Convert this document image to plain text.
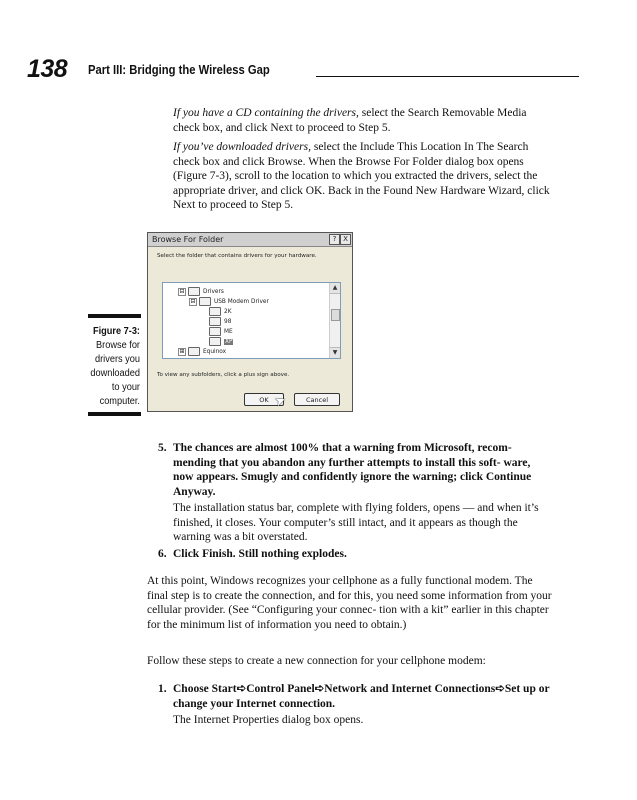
138 Part III: Bridging the Wireless Gap

If you have a CD containing the drivers, select the Search Removable Media check box, and click Next to proceed to Step 5.

If you’ve downloaded drivers, select the Include This Location In The Search check box and click Browse. When the Browse For Folder dialog box opens (Figure 7-3), scroll to the location to which you extracted the drivers, select the appropriate driver, and click OK. Back in the Found New Hardware Wizard, click Next to proceed to Step 5.

Figure 7-3:
Browse for
drivers you
downloaded
to your
computer.
Browse For Folder	? X
Select the folder that contains drivers for your hardware.
⊟	Drivers
⊟	USB Modem Driver
2K
98
ME
XP
⊞	Equinox
▲
▼
To view any subfolders, click a plus sign above.
OK	Cancel
➤
5. The chances are almost 100% that a warning from Microsoft, recom- mending that you abandon any further attempts to install this soft- ware, now appears. Smugly and confidently ignore the warning; click Continue Anyway.

The installation status bar, complete with flying folders, opens — and when it’s finished, it closes. Your computer’s still intact, and it appears as though the warning was a bit overstated.

6. Click Finish. Still nothing explodes.

At this point, Windows recognizes your cellphone as a fully functional modem. The final step is to create the connection, and for this, you need some information from your cellular provider. (See “Configuring your connec- tion with a kit” earlier in this chapter for the minimum list of information you need to obtain.)

Follow these steps to create a new connection for your cellphone modem:

1. Choose Start➪Control Panel➪Network and Internet Connections➪Set up or change your Internet connection.

The Internet Properties dialog box opens.
